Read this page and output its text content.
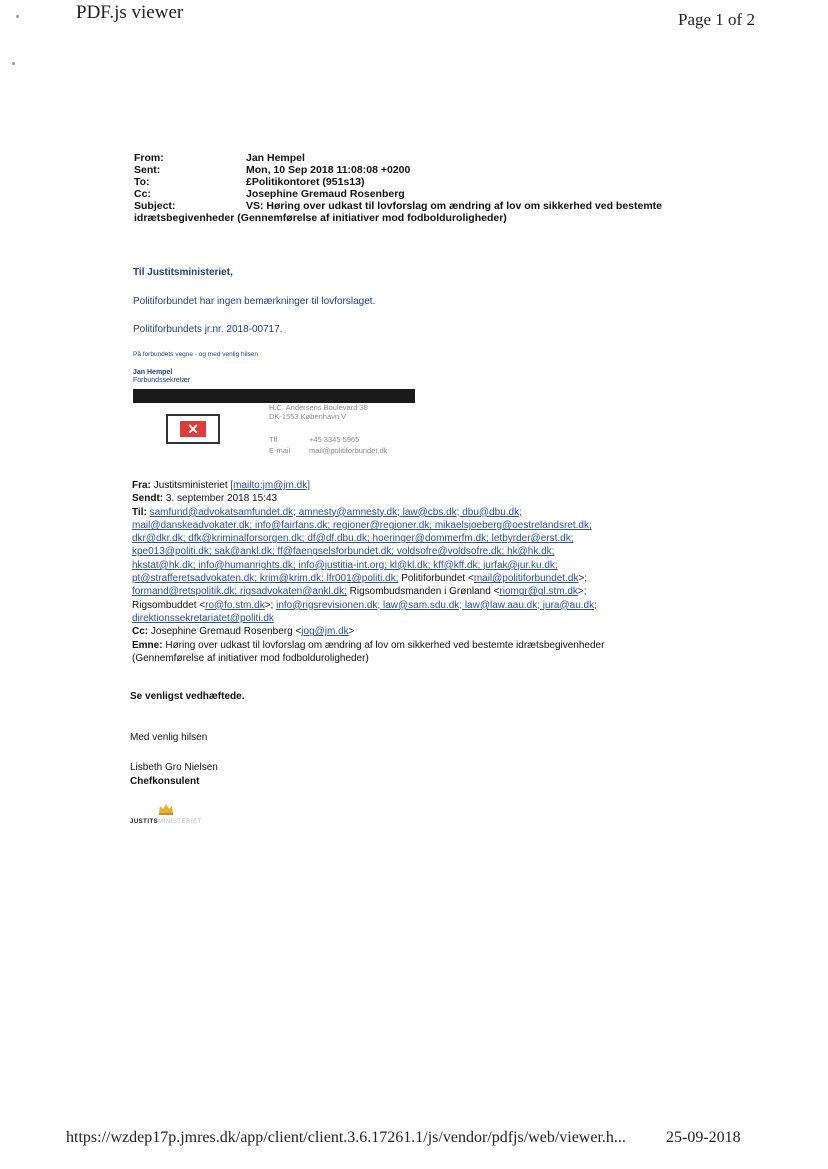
PDF.js viewer	Page 1 of 2
From:	Jan Hempel
Sent:	Mon, 10 Sep 2018 11:08:08 +0200
To:	£Politikontoret (951s13)
Cc:	Josephine Gremaud Rosenberg
Subject:	VS: Høring over udkast til lovforslag om ændring af lov om sikkerhed ved bestemte
idrætsbegivenheder (Gennemførelse af initiativer mod fodbolduroligheder)
Til Justitsministeriet,
Politiforbundet har ingen bemærkninger til lovforslaget.
Politiforbundets jr.nr. 2018-00717.
På forbundets vegne - og med venlig hilsen
Jan Hempel
Forbundssekretær
✕
H.C. Andersens Boulevard 38
DK-1553 København V
Tlf	+45 3345 5965
E-mail mail@politiforbundet.dk
Fra: Justitsministeriet [mailto:jm@jm.dk]
Sendt: 3. september 2018 15:43
Til: samfund@advokatsamfundet.dk; amnesty@amnesty.dk; law@cbs.dk; dbu@dbu.dk;
mail@danskeadvokater.dk; info@fairfans.dk; regioner@regioner.dk; mikaelsjoeberg@oestrelandsret.dk;
dkr@dkr.dk; dfk@kriminalforsorgen.dk; df@df.dbu.dk; hoeringer@dommerfm.dk; letbyrder@erst.dk;
kpe013@politi.dk; sak@ankl.dk; ff@faengselsforbundet.dk; voldsofre@voldsofre.dk; hk@hk.dk;
hkstat@hk.dk; info@humanrights.dk; info@justitia-int.org; kl@kl.dk; kff@kff.dk; jurfak@jur.ku.dk;
pt@strafferetsadvokaten.dk; krim@krim.dk; lfr001@politi.dk; Politiforbundet <mail@politiforbundet.dk>;
formand@retspolitik.dk; rigsadvokaten@ankl.dk; Rigsombudsmanden i Grønland <riomgr@gl.stm.dk>;
Rigsombuddet <ro@fo.stm.dk>; info@rigsrevisionen.dk; law@sam.sdu.dk; law@law.aau.dk; jura@au.dk;
direktionssekretariatet@politi.dk
Cc: Josephine Gremaud Rosenberg <jog@jm.dk>
Emne: Høring over udkast til lovforslag om ændring af lov om sikkerhed ved bestemte idrætsbegivenheder
(Gennemførelse af initiativer mod fodbolduroligheder)
Se venligst vedhæftede.
Med venlig hilsen
Lisbeth Gro Nielsen
Chefkonsulent
JUSTITSMINISTERIET
https://wzdep17p.jmres.dk/app/client/client.3.6.17261.1/js/vendor/pdfjs/web/viewer.h...	25-09-2018
